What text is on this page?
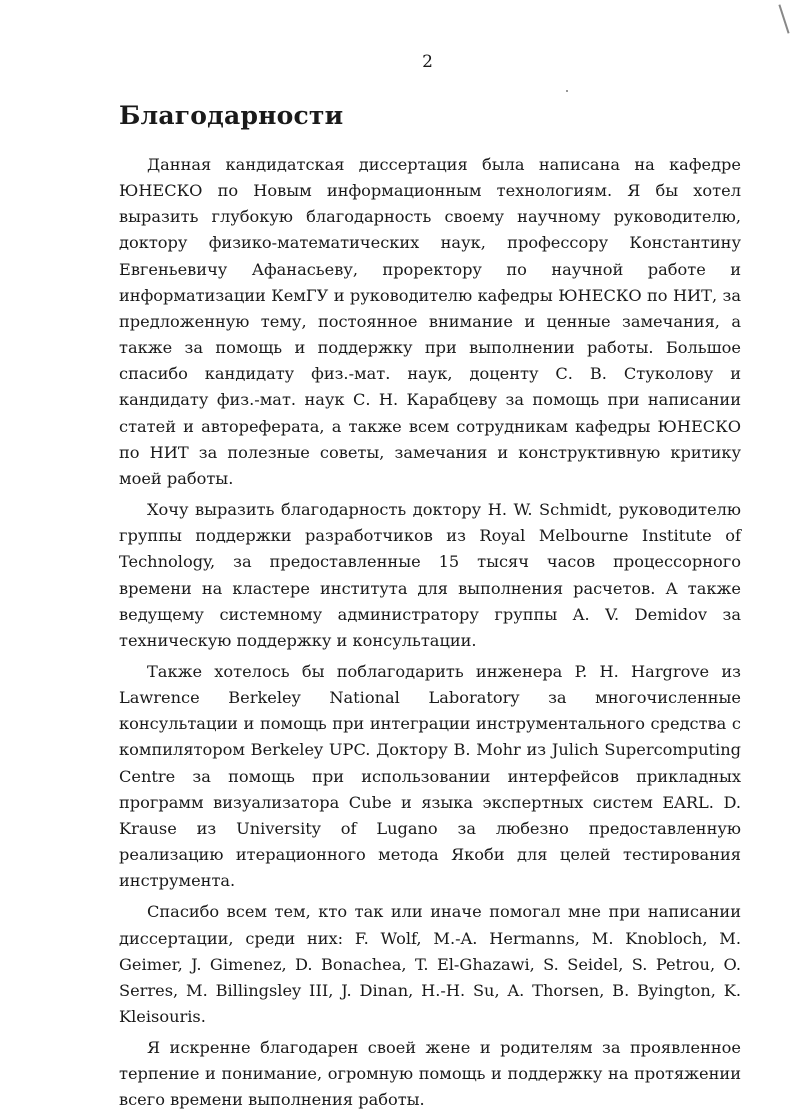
2
Благодарности

Данная кандидатская диссертация была написана на кафедре ЮНЕСКО по Новым информационным технологиям. Я бы хотел выразить глубокую благодарность своему научному руководителю, доктору физико-математических наук, профессору Константину Евгеньевичу Афанасьеву, проректору по научной работе и информатизации КемГУ и руководителю кафедры ЮНЕСКО по НИТ, за предложенную тему, постоянное внимание и ценные замечания, а также за помощь и поддержку при выполнении работы. Большое спасибо кандидату физ.-мат. наук, доценту С. В. Стуколову и кандидату физ.-мат. наук С. Н. Карабцеву за помощь при написании статей и автореферата, а также всем сотрудникам кафедры ЮНЕСКО по НИТ за полезные советы, замечания и конструктивную критику моей работы.

Хочу выразить благодарность доктору H. W. Schmidt, руководителю группы поддержки разработчиков из Royal Melbourne Institute of Technology, за предоставленные 15 тысяч часов процессорного времени на кластере института для выполнения расчетов. А также ведущему системному администратору группы A. V. Demidov за техническую поддержку и консультации.

Также хотелось бы поблагодарить инженера P. H. Hargrove из Lawrence Berkeley National Laboratory за многочисленные консультации и помощь при интеграции инструментального средства с компилятором Berkeley UPC. Доктору B. Mohr из Julich Supercomputing Centre за помощь при использовании интерфейсов прикладных программ визуализатора Cube и языка экспертных систем EARL. D. Krause из University of Lugano за любезно предоставленную реализацию итерационного метода Якоби для целей тестирования инструмента.

Спасибо всем тем, кто так или иначе помогал мне при написании диссертации, среди них: F. Wolf, M.-A. Hermanns, M. Knobloch, M. Geimer, J. Gimenez, D. Bonachea, T. El-Ghazawi, S. Seidel, S. Petrou, O. Serres, M. Billingsley III, J. Dinan, H.-H. Su, A. Thorsen, B. Byington, K. Kleisouris.

Я искренне благодарен своей жене и родителям за проявленное терпение и понимание, огромную помощь и поддержку на протяжении всего времени выполнения работы.
